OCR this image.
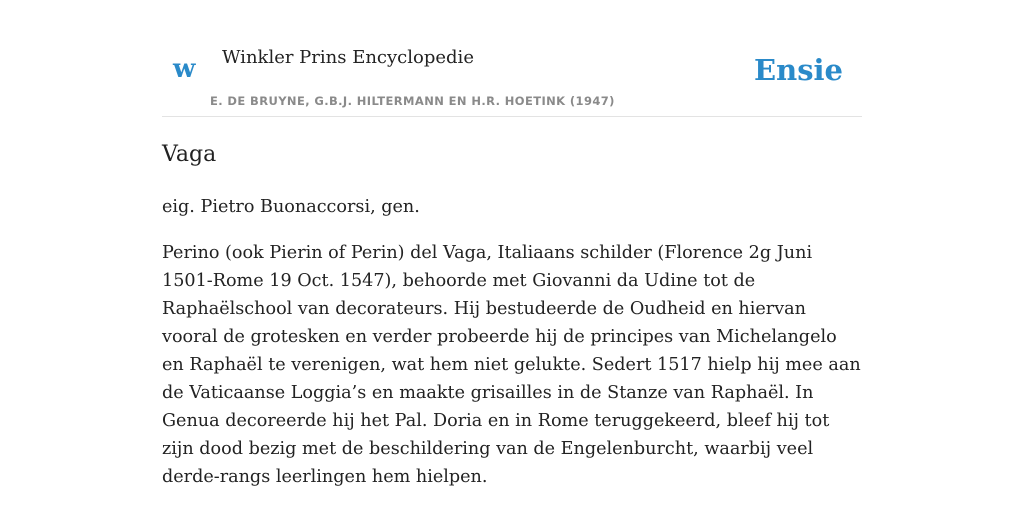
w Winkler Prins Encyclopedie
E. DE BRUYNE, G.B.J. HILTERMANN EN H.R. HOETINK (1947)
Ensie
Vaga

eig. Pietro Buonaccorsi, gen.

Perino (ook Pierin of Perin) del Vaga, Italiaans schilder (Florence 2g Juni 1501-Rome 19 Oct. 1547), behoorde met Giovanni da Udine tot de Raphaëlschool van decorateurs. Hij bestudeerde de Oudheid en hiervan vooral de grotesken en verder probeerde hij de principes van Michelangelo en Raphaël te verenigen, wat hem niet gelukte. Sedert 1517 hielp hij mee aan de Vaticaanse Loggia’s en maakte grisailles in de Stanze van Raphaël. In Genua decoreerde hij het Pal. Doria en in Rome teruggekeerd, bleef hij tot zijn dood bezig met de beschildering van de Engelenburcht, waarbij veel derde-rangs leerlingen hem hielpen.
